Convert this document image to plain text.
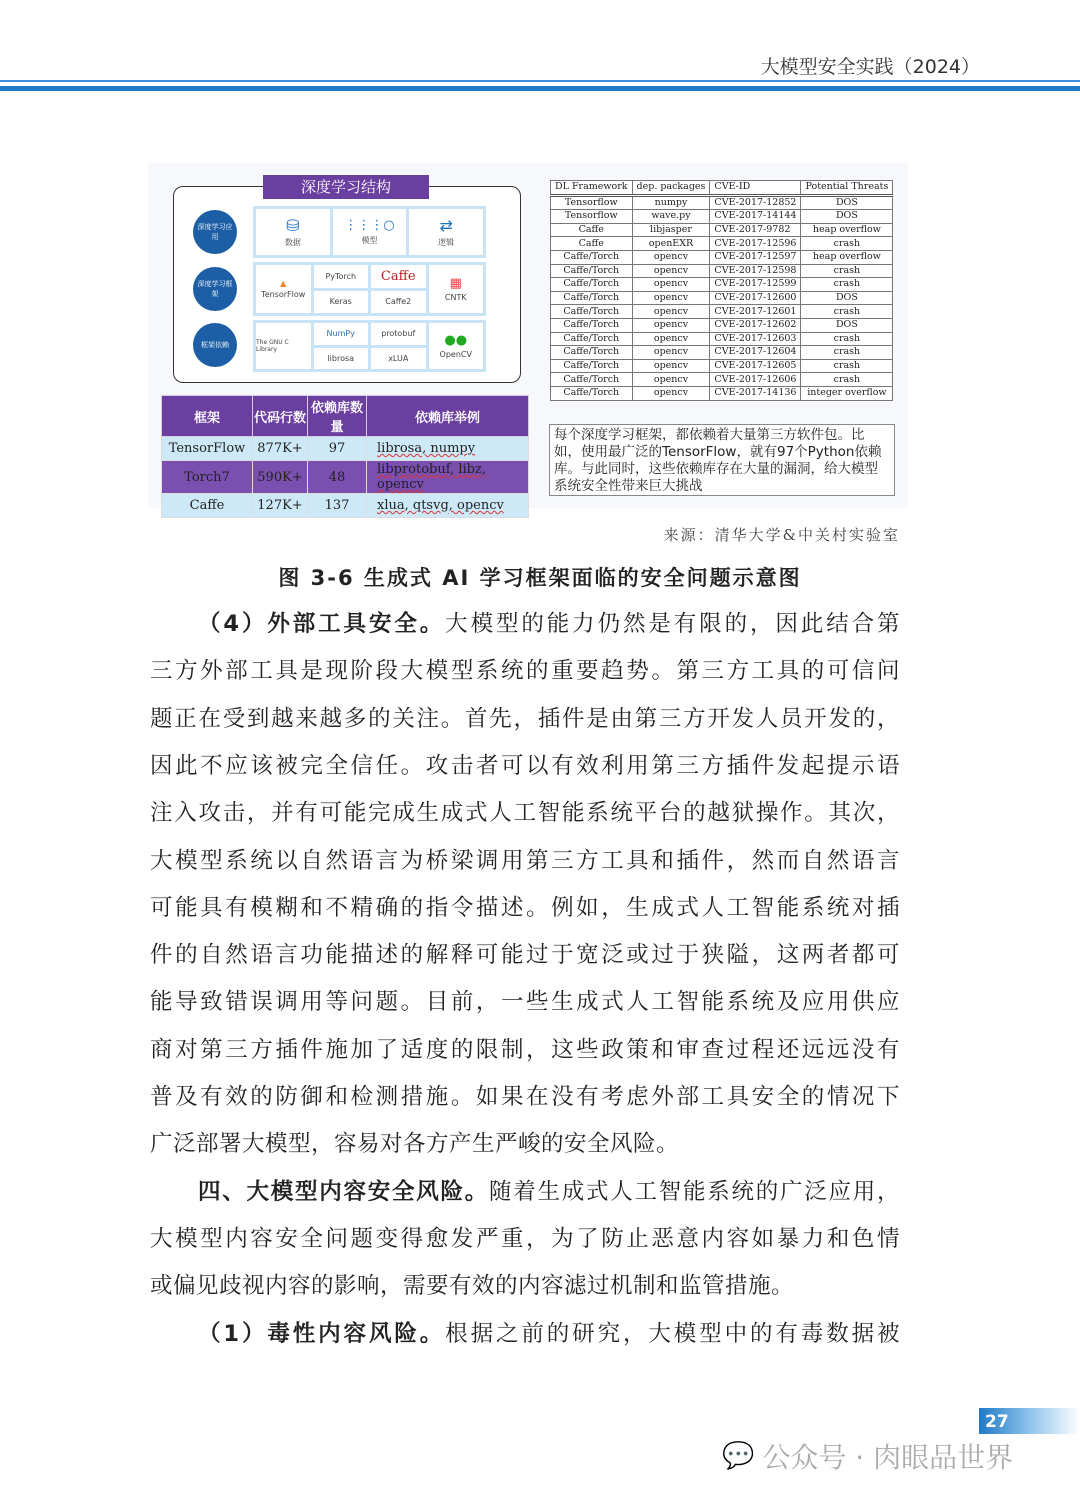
大模型安全实践（2024）
深度学习结构
深度学习应用
深度学习框架
框架依赖
⛁
数据
⋮⋮⋮○
模型
⇄
逻辑
▲
TensorFlow
PyTorch
Keras
Caffe
Caffe2
▦
CNTK
The GNU C Library
NumPy
librosa
protobuf
xLUA
●●
OpenCV
框架	代码行数	依赖库数量	依赖库举例
TensorFlow	877K+	97	librosa, numpy
Torch7	590K+	48	libprotobuf, libz, opencv
Caffe	127K+	137	xlua, qtsvg, opencv
DL Framework	dep. packages	CVE-ID	Potential Threats
Tensorflow	numpy	CVE-2017-12852	DOS
Tensorflow	wave.py	CVE-2017-14144	DOS
Caffe	libjasper	CVE-2017-9782	heap overflow
Caffe	openEXR	CVE-2017-12596	crash
Caffe/Torch	opencv	CVE-2017-12597	heap overflow
Caffe/Torch	opencv	CVE-2017-12598	crash
Caffe/Torch	opencv	CVE-2017-12599	crash
Caffe/Torch	opencv	CVE-2017-12600	DOS
Caffe/Torch	opencv	CVE-2017-12601	crash
Caffe/Torch	opencv	CVE-2017-12602	DOS
Caffe/Torch	opencv	CVE-2017-12603	crash
Caffe/Torch	opencv	CVE-2017-12604	crash
Caffe/Torch	opencv	CVE-2017-12605	crash
Caffe/Torch	opencv	CVE-2017-12606	crash
Caffe/Torch	opencv	CVE-2017-14136	integer overflow
每个深度学习框架，都依赖着大量第三方软件包。比如，使用最广泛的TensorFlow，就有97个Python依赖库。与此同时，这些依赖库存在大量的漏洞，给大模型系统安全性带来巨大挑战
来源：清华大学&中关村实验室
图 3-6 生成式 AI 学习框架面临的安全问题示意图
（4）外部工具安全。大模型的能力仍然是有限的，因此结合第
三方外部工具是现阶段大模型系统的重要趋势。第三方工具的可信问
题正在受到越来越多的关注。首先，插件是由第三方开发人员开发的，
因此不应该被完全信任。攻击者可以有效利用第三方插件发起提示语
注入攻击，并有可能完成生成式人工智能系统平台的越狱操作。其次，
大模型系统以自然语言为桥梁调用第三方工具和插件，然而自然语言
可能具有模糊和不精确的指令描述。例如，生成式人工智能系统对插
件的自然语言功能描述的解释可能过于宽泛或过于狭隘，这两者都可
能导致错误调用等问题。目前，一些生成式人工智能系统及应用供应
商对第三方插件施加了适度的限制，这些政策和审查过程还远远没有
普及有效的防御和检测措施。如果在没有考虑外部工具安全的情况下
广泛部署大模型，容易对各方产生严峻的安全风险。
四、大模型内容安全风险。随着生成式人工智能系统的广泛应用，
大模型内容安全问题变得愈发严重，为了防止恶意内容如暴力和色情
或偏见歧视内容的影响，需要有效的内容滤过机制和监管措施。
（1）毒性内容风险。根据之前的研究，大模型中的有毒数据被
27
💬 公众号 · 肉眼品世界
